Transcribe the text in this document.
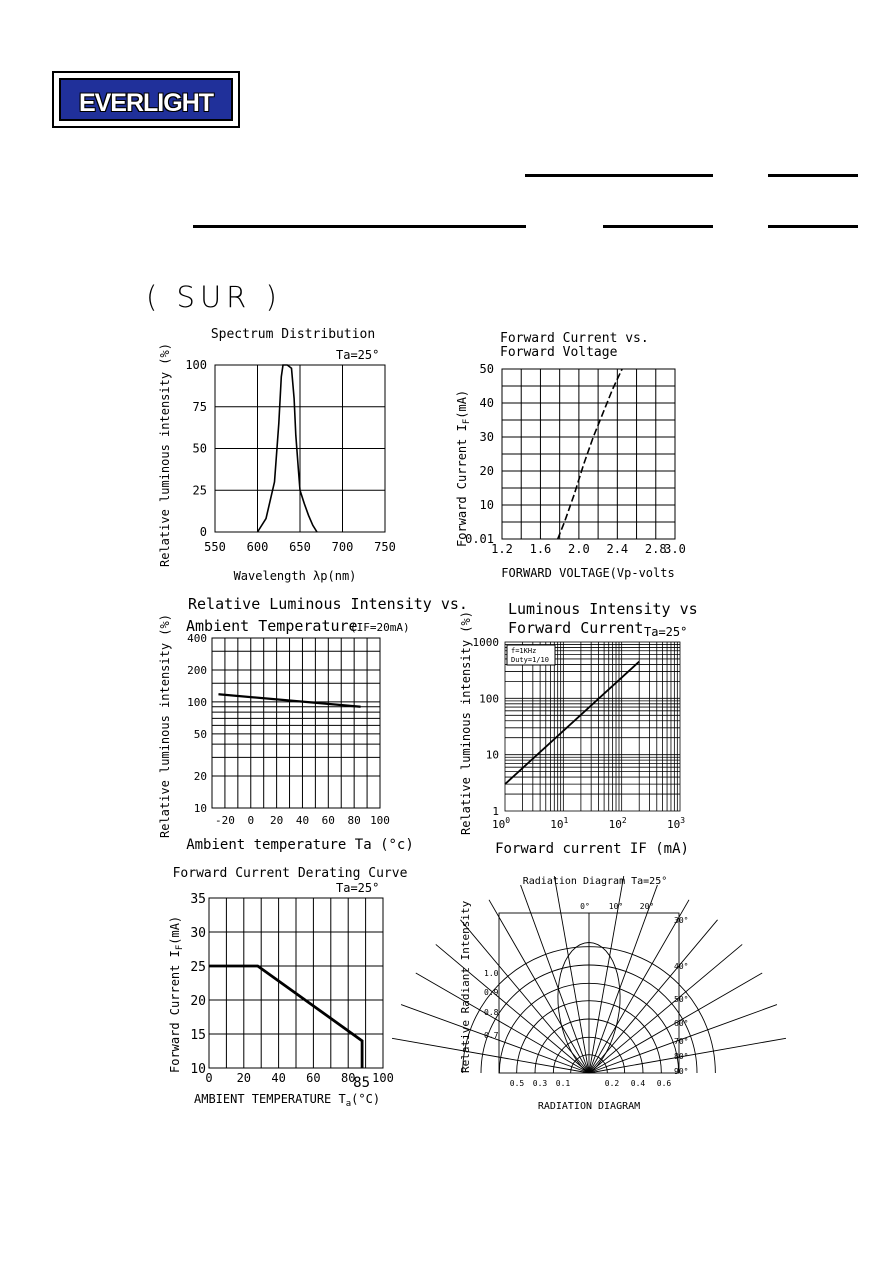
EVERLIGHT
( SUR )
Spectrum Distribution
Ta=25°
Relative luminous intensity (%)
Wavelength λp(nm)
550 600 650 700 750
0
25
50
75
100
Forward Current vs.
Forward Voltage
Forward Current $I_F(mA)$
FORWARD VOLTAGE(Vp-volts
1.2 1.6 2.0 2.4 2.8
3.0
0.01
10
20
30
40
50
Relative Luminous Intensity vs.
Ambient Temperature
(IF=20mA)
Relative luminous intensity (%)
Ambient temperature Ta (°c)
-20 0 20 40 60 80 100
10
20
50
100
200
400
Luminous Intensity vs
Forward Current Ta=25°
Relative luminous intensity (%)
Forward current IF (mA)
$10^0$	$10^1$	$10^2$	$10^3$
1
10
100
1000
f=1KHz
Duty=1/10
Forward Current Derating Curve
Ta=25°
Forward Current $I_F(mA)$
AMBIENT TEMPERATURE $T_a(^\circ C)$
0 20 40 60 80 100
85
10
15
20
25
30
35
Radiation Diagram Ta=25°
Relative Radiant Intensity
RADIATION DIAGRAM
0° 10° 20°
30°
40°
50°
60°
70°
80°
90°
1.0
0.9
0.8
0.7
0.5 0.3 0.1	0.2 0.4 0.6
